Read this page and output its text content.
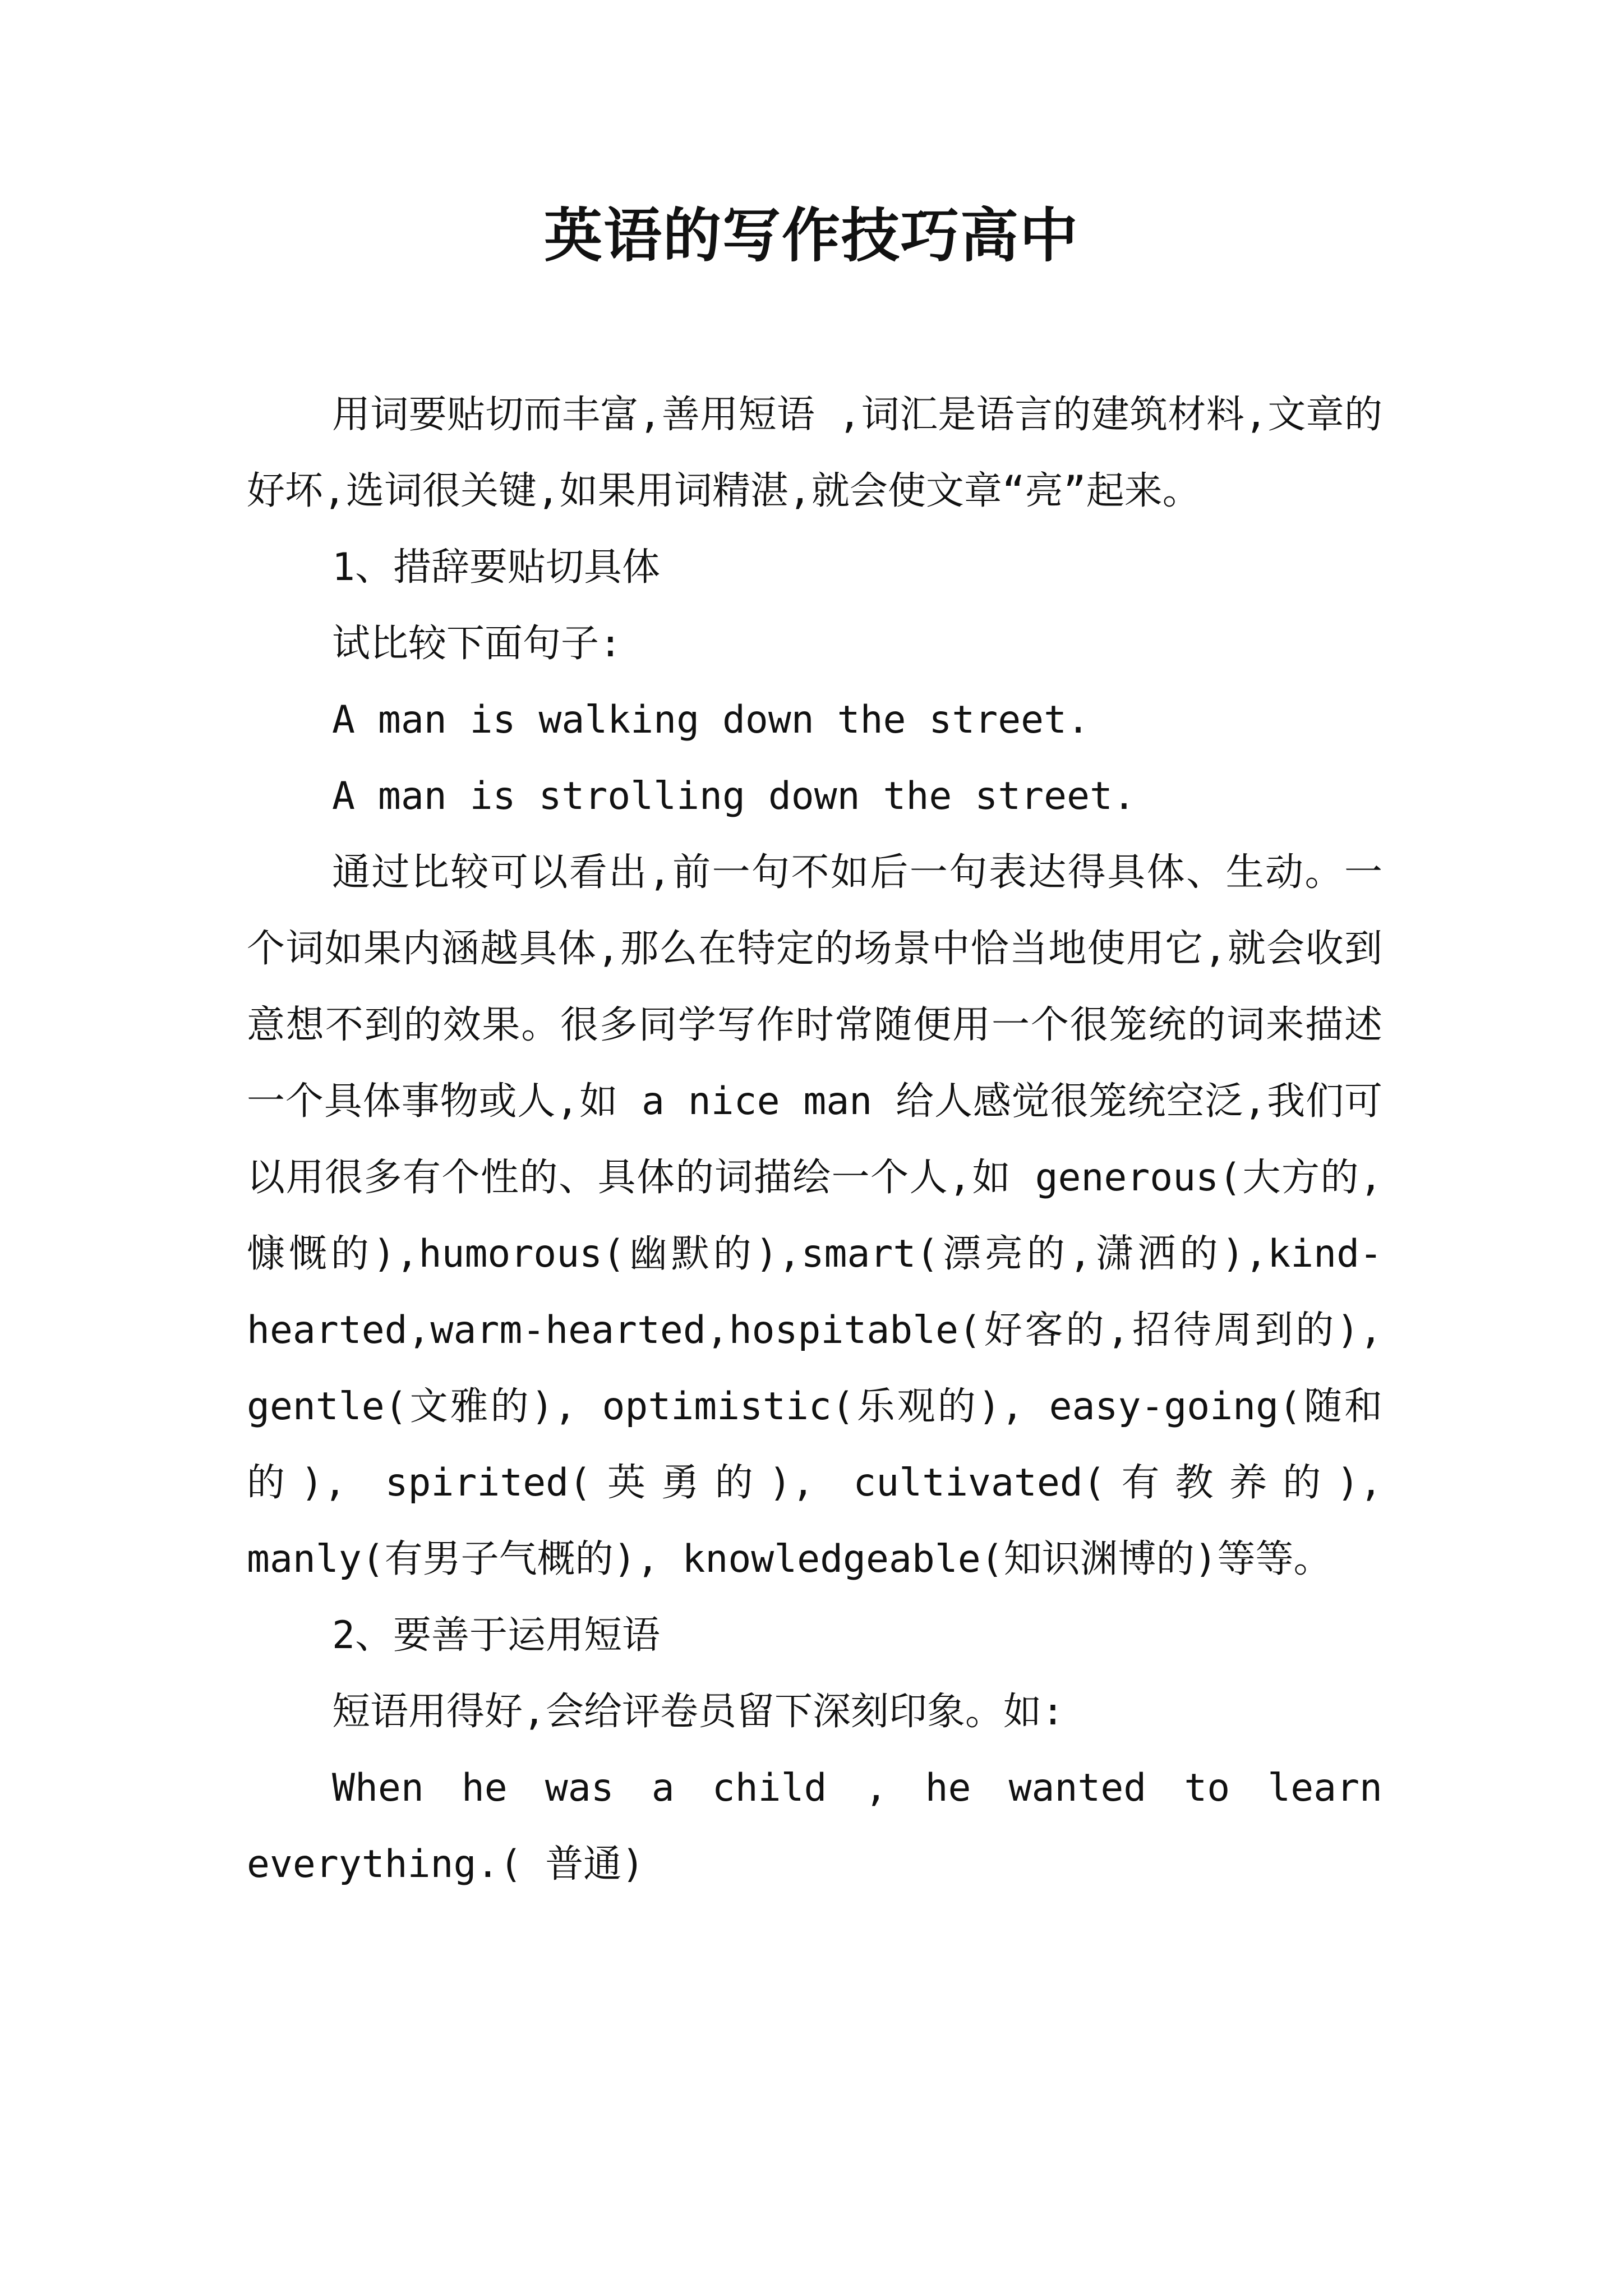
英语的写作技巧高中

用词要贴切而丰富,善用短语 ,词汇是语言的建筑材料,文章的好坏,选词很关键,如果用词精湛,就会使文章“亮”起来。

1、措辞要贴切具体

试比较下面句子:

A man is walking down the street.

A man is strolling down the street.

通过比较可以看出,前一句不如后一句表达得具体、生动。一个词如果内涵越具体,那么在特定的场景中恰当地使用它,就会收到意想不到的效果。很多同学写作时常随便用一个很笼统的词来描述一个具体事物或人,如 a nice man 给人感觉很笼统空泛,我们可以用很多有个性的、具体的词描绘一个人,如 generous(大方的,慷慨的),humorous(幽默的),smart(漂亮的,潇洒的),kind-hearted,warm-hearted,hospitable(好客的,招待周到的), gentle(文雅的), optimistic(乐观的), easy-going(随和的), spirited(英勇的), cultivated(有教养的), manly(有男子气概的), knowledgeable(知识渊博的)等等。

2、要善于运用短语

短语用得好,会给评卷员留下深刻印象。如:

When he was a child , he wanted to learn everything.( 普通)
